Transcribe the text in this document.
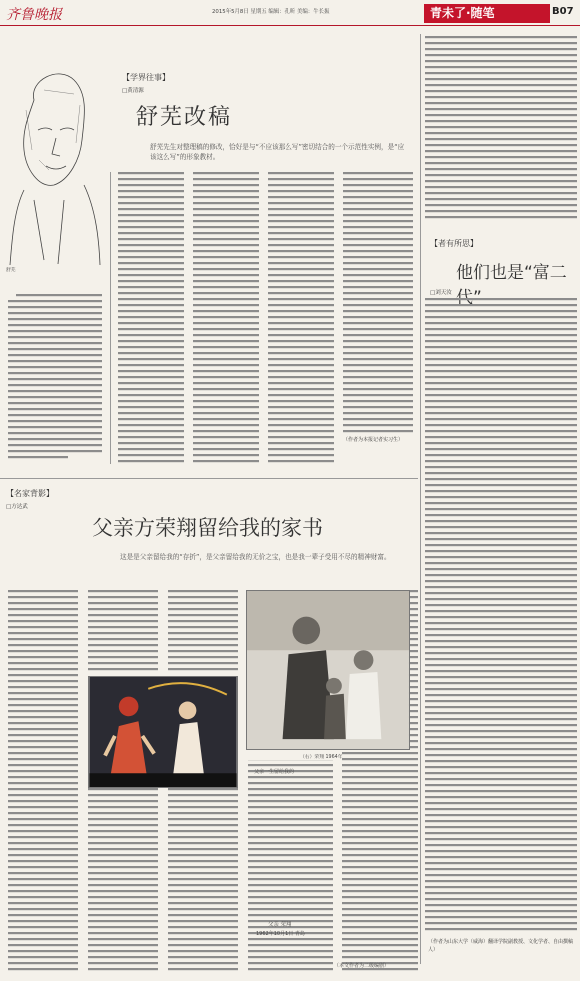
齐鲁晚报	2015年5月8日 星期五 编辑：孔昕 美编：牛长振	青未了·随笔	B07
舒芜
【学界往事】
□黄清源
舒芜改稿
舒芜先生对整理稿的修改，恰好是与“不应该那么写”密切结合的一个示范性实例，是“应该这么写”的形象教材。
（作者为本报记者实习生）
【者有所思】
他们也是“富二
□刘天汝
（作者为山东大学（威海）翻译学院副教授、文化学者、自由撰稿人）
【名家背影】
□方达武
父亲方荣翔留给我的家书
这是是父亲留给我的“存折”，是父亲留给我的无价之宝，也是我一辈子受用不尽的精神财富。
（右）荣翔 1964年
父亲一生留给我的
父亲 荣翔
1962年10月1日 青岛
（本文作者为二级编剧）
